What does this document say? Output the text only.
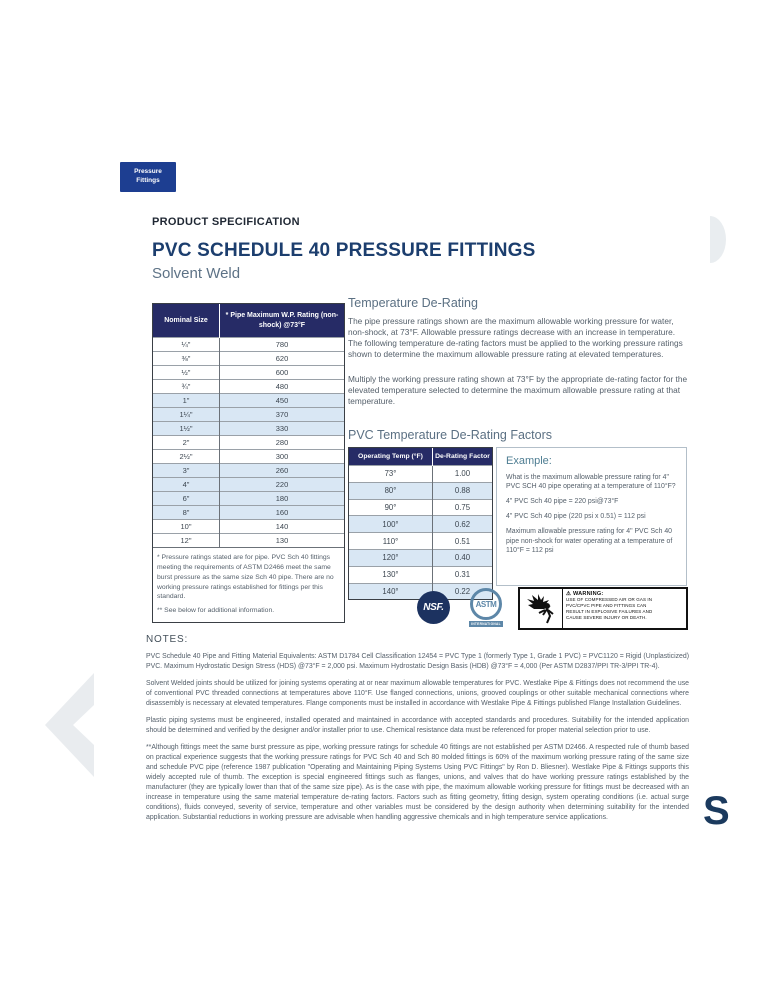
S
Pressure
Fittings
PRODUCT SPECIFICATION
PVC SCHEDULE 40 PRESSURE FITTINGS
Solvent Weld
Nominal Size	* Pipe Maximum W.P. Rating (non-shock) @73°F
¼"	780
⅜"	620
½"	600
¾"	480
1"	450
1¼"	370
1½"	330
2"	280
2½"	300
3"	260
4"	220
6"	180
8"	160
10"	140
12"	130
* Pressure ratings stated are for pipe. PVC Sch 40 fittings meeting the requirements of ASTM D2466 meet the same burst pressure as the same size Sch 40 pipe. There are no working pressure ratings established for fittings per this standard.
** See below for additional information.
Temperature De-Rating
The pipe pressure ratings shown are the maximum allowable working pressure for water, non-shock, at 73°F. Allowable pressure ratings decrease with an increase in temperature. The following temperature de-rating factors must be applied to the working pressure ratings shown to determine the maximum allowable pressure rating at elevated temperatures.
Multiply the working pressure rating shown at 73°F by the appropriate de-rating factor for the elevated temperature selected to determine the maximum allowable pressure rating at that temperature.
PVC Temperature De-Rating Factors
Operating Temp (°F)	De-Rating Factor
73°	1.00
80°	0.88
90°	0.75
100°	0.62
110°	0.51
120°	0.40
130°	0.31
140°	0.22
Example:

What is the maximum allowable pressure rating for 4" PVC SCH 40 pipe operating at a temperature of 110°F?

4" PVC Sch 40 pipe = 220 psi@73°F

4" PVC Sch 40 pipe (220 psi x 0.51) = 112 psi

Maximum allowable pressure rating for 4" PVC Sch 40 pipe non-shock for water operating at a temperature of 110°F = 112 psi

NSF.	ASTM
INTERNATIONAL
⚠ WARNING:
USE OF COMPRESSED AIR OR GAS IN
PVC/CPVC PIPE AND FITTINGS CAN
RESULT IN EXPLOSIVE FAILURES AND
CAUSE SEVERE INJURY OR DEATH.
NOTES:

PVC Schedule 40 Pipe and Fitting Material Equivalents: ASTM D1784 Cell Classification 12454 = PVC Type 1 (formerly Type 1, Grade 1 PVC) = PVC1120 = Rigid (Unplasticized) PVC. Maximum Hydrostatic Design Stress (HDS) @73°F = 2,000 psi. Maximum Hydrostatic Design Basis (HDB) @73°F = 4,000 (Per ASTM D2837/PPI TR-3/PPI TR-4).

Solvent Welded joints should be utilized for joining systems operating at or near maximum allowable temperatures for PVC. Westlake Pipe & Fittings does not recommend the use of conventional PVC threaded connections at temperatures above 110°F. Use flanged connections, unions, grooved couplings or other suitable mechanical connections where disassembly is necessary at elevated temperatures. Flange components must be installed in accordance with Westlake Pipe & Fittings published Flange Installation Guidelines.

Plastic piping systems must be engineered, installed operated and maintained in accordance with accepted standards and procedures. Suitability for the intended application should be determined and verified by the designer and/or installer prior to use. Chemical resistance data must be referenced for proper material selection prior to use.

**Although fittings meet the same burst pressure as pipe, working pressure ratings for schedule 40 fittings are not established per ASTM D2466. A respected rule of thumb based on practical experience suggests that the working pressure ratings for PVC Sch 40 and Sch 80 molded fittings is 60% of the maximum working pressure rating of the same size and schedule PVC pipe (reference 1987 publication "Operating and Maintaining Piping Systems Using PVC Fittings" by Ron D. Bliesner). Westlake Pipe & Fittings supports this widely accepted rule of thumb. The exception is special engineered fittings such as flanges, unions, and valves that do have working pressure ratings established by the manufacturer (they are typically lower than that of the same size pipe). As is the case with pipe, the maximum allowable working pressure for fittings must be decreased with an increase in temperature using the same material temperature de-rating factors. Factors such as fitting geometry, fitting design, system operating conditions (i.e. actual surge conditions), fluids conveyed, severity of service, temperature and other variables must be considered by the design authority when determining suitability for the intended application. Substantial reductions in working pressure are advisable when handling aggressive chemicals and in high temperature service applications.
